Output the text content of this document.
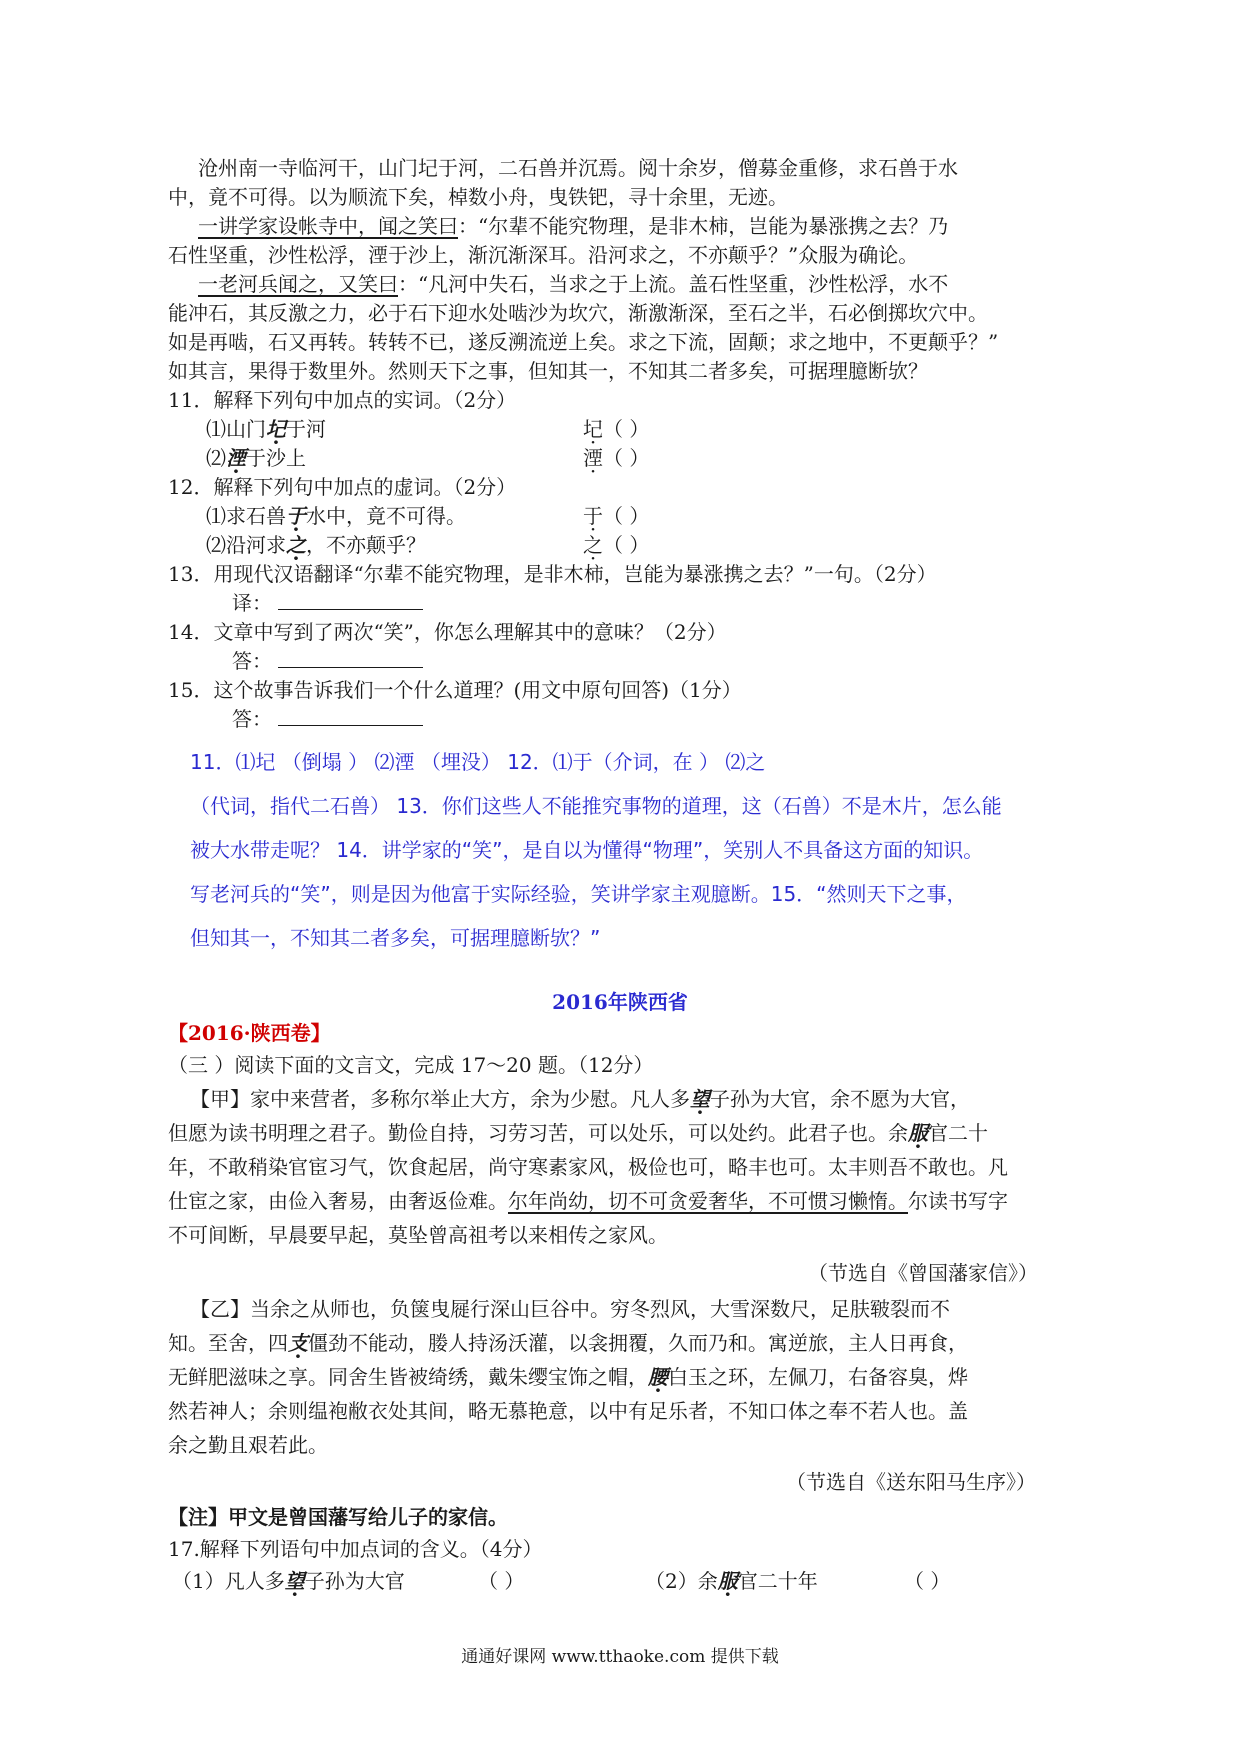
沧州南一寺临河干，山门圮于河，二石兽并沉焉。阅十余岁，僧募金重修，求石兽于水
中，竟不可得。以为顺流下矣，棹数小舟，曳铁钯，寻十余里，无迹。
一讲学家设帐寺中，闻之笑曰：“尔辈不能究物理，是非木柿，岂能为暴涨携之去？乃
石性坚重，沙性松浮，湮于沙上，渐沉渐深耳。沿河求之，不亦颠乎？”众服为确论。
一老河兵闻之，又笑曰：“凡河中失石，当求之于上流。盖石性坚重，沙性松浮，水不
能冲石，其反激之力，必于石下迎水处啮沙为坎穴，渐激渐深，至石之半，石必倒掷坎穴中。
如是再啮，石又再转。转转不已，遂反溯流逆上矣。求之下流，固颠；求之地中，不更颠乎？”
如其言，果得于数里外。然则天下之事，但知其一，不知其二者多矣，可据理臆断欤？
11．解释下列句中加点的实词。（2分）
⑴山门圮于河	圮（ ）
⑵湮于沙上	湮（ ）
12．解释下列句中加点的虚词。（2分）
⑴求石兽于水中，竟不可得。	于（ ）
⑵沿河求之，不亦颠乎？	之（ ）
13．用现代汉语翻译“尔辈不能究物理，是非木柿，岂能为暴涨携之去？”一句。（2分）
译：
14．文章中写到了两次“笑”，你怎么理解其中的意味？（2分）
答：
15．这个故事告诉我们一个什么道理？(用文中原句回答)（1分）
答：
11．⑴圮 （倒塌 ） ⑵湮 （埋没） 12．⑴于（介词，在 ） ⑵之
（代词，指代二石兽） 13．你们这些人不能推究事物的道理，这（石兽）不是木片，怎么能
被大水带走呢？ 14．讲学家的“笑”，是自以为懂得“物理”，笑别人不具备这方面的知识。
写老河兵的“笑”，则是因为他富于实际经验，笑讲学家主观臆断。15．“然则天下之事，
但知其一，不知其二者多矣，可据理臆断欤？”
2016年陕西省
【2016·陕西卷】
（三 ）阅读下面的文言文，完成 17～20 题。（12分）
【甲】家中来营者，多称尔举止大方，余为少慰。凡人多望子孙为大官，余不愿为大官，
但愿为读书明理之君子。勤俭自持，习劳习苦，可以处乐，可以处约。此君子也。余服官二十
年，不敢稍染官宦习气，饮食起居，尚守寒素家风，极俭也可，略丰也可。太丰则吾不敢也。凡
仕宦之家，由俭入奢易，由奢返俭难。尔年尚幼，切不可贪爱奢华，不可惯习懒惰。尔读书写字
不可间断，早晨要早起，莫坠曾高祖考以来相传之家风。
（节选自《曾国藩家信》）
【乙】当余之从师也，负箧曳屣行深山巨谷中。穷冬烈风，大雪深数尺，足肤皲裂而不
知。至舍，四支僵劲不能动，媵人持汤沃灌，以衾拥覆，久而乃和。寓逆旅，主人日再食，
无鲜肥滋味之享。同舍生皆被绮绣，戴朱缨宝饰之帽，腰白玉之环，左佩刀，右备容臭，烨
然若神人；余则缊袍敝衣处其间，略无慕艳意，以中有足乐者，不知口体之奉不若人也。盖
余之勤且艰若此。
（节选自《送东阳马生序》）
【注】甲文是曾国藩写给儿子的家信。
17.解释下列语句中加点词的含义。（4分）
（1）凡人多望子孙为大官	（ ）	（2）余服官二十年	（ ）
通通好课网 www.tthaoke.com 提供下载
